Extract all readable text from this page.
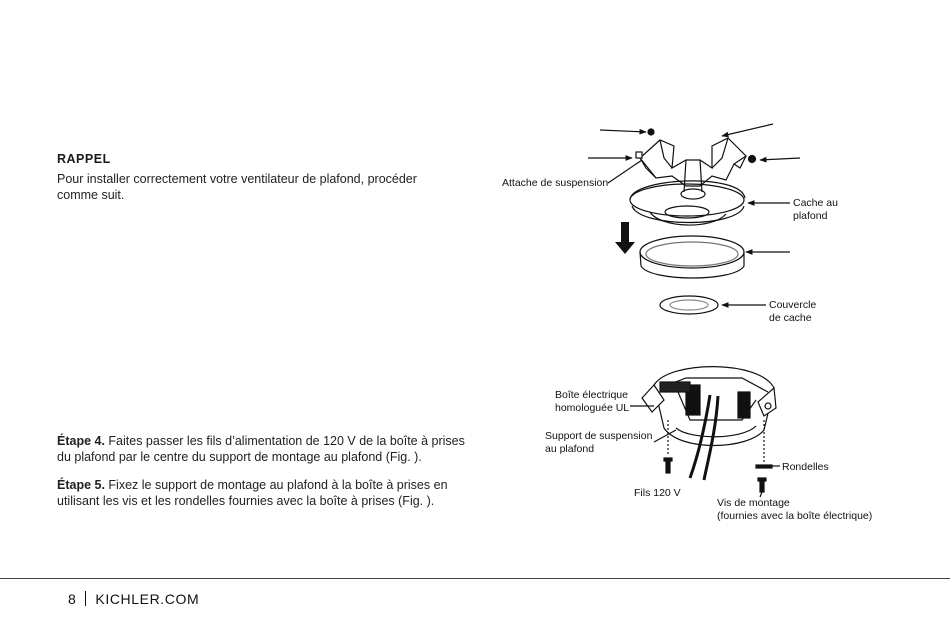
RAPPEL
Pour installer correctement votre ventilateur de plafond, procéder comme suit.
Étape 4. Faites passer les fils d’alimentation de 120 V de la boîte à prises du plafond par le centre du support de montage au plafond (Fig. ).
Étape 5. Fixez le support de montage au plafond à la boîte à prises en utilisant les vis et les rondelles fournies avec la boîte à prises (Fig. ).
Attache de suspension
Cache au
plafond
Couvercle
de cache
Boîte électrique
homologuée UL
Support de suspension
au plafond
Fils 120 V
Rondelles
Vis de montage
(fournies avec la boîte électrique)
8 KICHLER.COM
